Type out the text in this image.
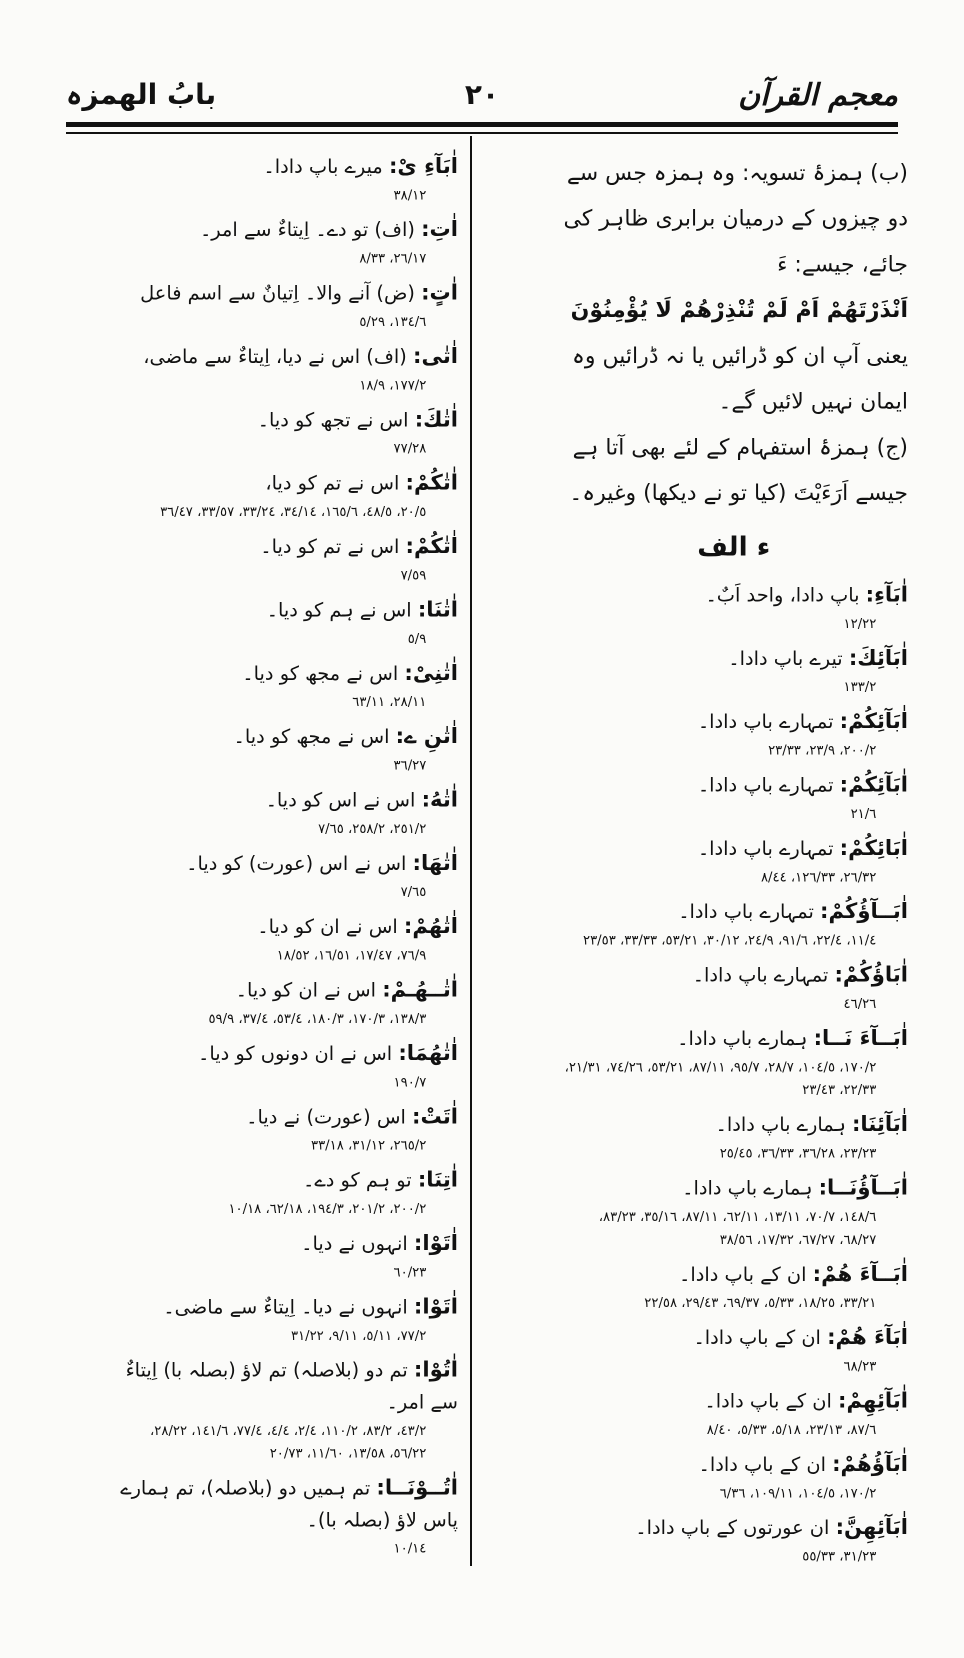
معجم القرآن
٢٠
بابُ الهمزہ

(ب) ہمزۂ تسویہ: وہ ہمزہ جس سے دو چیزوں کے درمیان برابری ظاہر کی جائے، جیسے: ءَ

اَنْذَرْتَهُمْ اَمْ لَمْ تُنْذِرْهُمْ لَا يُؤْمِنُوْنَ

یعنی آپ ان کو ڈرائیں یا نہ ڈرائیں وہ ایمان نہیں لائیں گے۔

(ج) ہمزۂ استفہام کے لئے بھی آتا ہے جیسے اَرَءَيْتَ (کیا تو نے دیکھا) وغیرہ۔

ء الف

اٰبَآءِ: باپ دادا، واحد اَبٌ۔

١٢/٢٢

اٰبَآئِكَ: تیرے باپ دادا۔

١٣٣/٢

اٰبَآئِكُمْ: تمہارے باپ دادا۔

٢٠٠/٢، ٢٣/٩، ٢٣/٣٣

اٰبَآئِكُمْ: تمہارے باپ دادا۔

٢١/٦

اٰبَائِكُمْ: تمہارے باپ دادا۔

٢٦/٣٢، ١٢٦/٣٣، ٨/٤٤

اٰبَــآؤُكُمْ: تمہارے باپ دادا۔

١١/٤، ٢٢/٤، ٩١/٦، ٢٤/٩، ٣٠/١٢، ٥٣/٢١، ٣٣/٣٣، ٢٣/٥٣

اٰبَاؤُكُمْ: تمہارے باپ دادا۔

٤٦/٢٦

اٰبَــآءَ نَــا: ہمارے باپ دادا۔

١٧٠/٢، ١٠٤/٥، ٢٨/٧، ٩٥/٧، ٨٧/١١، ٥٣/٢١، ٧٤/٢٦، ٢١/٣١، ٢٢/٣٣، ٢٣/٤٣

اٰبَآئِنَا: ہمارے باپ دادا۔

٢٣/٢٣، ٣٦/٢٨، ٣٦/٣٣، ٢٥/٤٥

اٰبَــآؤُنَــا: ہمارے باپ دادا۔

١٤٨/٦، ٧٠/٧، ١٣/١١، ٦٢/١١، ٨٧/١١، ٣٥/١٦، ٨٣/٢٣، ٦٨/٢٧، ٦٧/٢٧، ١٧/٣٢، ٣٨/٥٦

اٰبَــآءَ هُمْ: ان کے باپ دادا۔

٣٣/٢١، ١٨/٢٥، ٥/٣٣، ٦٩/٣٧، ٢٩/٤٣، ٢٢/٥٨

اٰبَآءَ هُمْ: ان کے باپ دادا۔

٦٨/٢٣

اٰبَآئِهِمْ: ان کے باپ دادا۔

٨٧/٦، ٢٣/١٣، ٥/١٨، ٥/٣٣، ٨/٤٠

اٰبَآؤُهُمْ: ان کے باپ دادا۔

١٧٠/٢، ١٠٤/٥، ١٠٩/١١، ٦/٣٦

اٰبَآئِهِنَّ: ان عورتوں کے باپ دادا۔

٣١/٢٣، ٥٥/٣٣

اٰبَآءِ یْ: میرے باپ دادا۔

٣٨/١٢

اٰتِ: (اف) تو دے۔ اِیتاءٌ سے امر۔

٢٦/١٧، ٨/٣٣

اٰتٍ: (ض) آنے والا۔ اِتیانٌ سے اسم فاعل

١٣٤/٦، ٥/٢٩

اٰتٰی: (اف) اس نے دیا، اِیتاءٌ سے ماضی،

١٧٧/٢، ١٨/٩

اٰتٰكَ: اس نے تجھ کو دیا۔

٧٧/٢٨

اٰتٰكُمْ: اس نے تم کو دیا،

٢٠/٥، ٤٨/٥، ١٦٥/٦، ٣٤/١٤، ٣٣/٢٤، ٣٣/٥٧، ٣٦/٤٧

اٰتٰكُمْ: اس نے تم کو دیا۔

٧/٥٩

اٰتٰنَا: اس نے ہم کو دیا۔

٥/٩

اٰتٰنِیْ: اس نے مجھ کو دیا۔

٢٨/١١، ٦٣/١١

اٰتٰنِ ے: اس نے مجھ کو دیا۔

٣٦/٢٧

اٰتٰهُ: اس نے اس کو دیا۔

٢٥١/٢، ٢٥٨/٢، ٧/٦٥

اٰتٰهَا: اس نے اس (عورت) کو دیا۔

٧/٦٥

اٰتٰهُمْ: اس نے ان کو دیا۔

٧٦/٩، ١٧/٤٧، ١٦/٥١، ١٨/٥٢

اٰتٰــهُـمْ: اس نے ان کو دیا۔

١٣٨/٣، ١٧٠/٣، ١٨٠/٣، ٥٣/٤، ٣٧/٤، ٥٩/٩

اٰتٰهُمَا: اس نے ان دونوں کو دیا۔

١٩٠/٧

اٰتَتْ: اس (عورت) نے دیا۔

٢٦٥/٢، ٣١/١٢، ٣٣/١٨

اٰتِنَا: تو ہم کو دے۔

٢٠٠/٢، ٢٠١/٢، ١٩٤/٣، ٦٢/١٨، ١٠/١٨

اٰتَوْا: انہوں نے دیا۔

٦٠/٢٣

اٰتَوْا: انہوں نے دیا۔ اِیتاءٌ سے ماضی۔

٧٧/٢، ٥/١١، ٩/١١، ٣١/٢٢

اٰتُوْا: تم دو (بلاصلہ) تم لاؤ (بصلہ با) اِیتاءٌ سے امر۔

٤٣/٢، ٨٣/٢، ١١٠/٢، ٢/٤، ٤/٤، ٧٧/٤، ١٤١/٦، ٢٨/٢٢، ٥٦/٢٢، ١٣/٥٨، ١١/٦٠، ٢٠/٧٣

اٰتُــوْنَــا: تم ہمیں دو (بلاصلہ)، تم ہمارے پاس لاؤ (بصلہ با)۔

١٠/١٤
